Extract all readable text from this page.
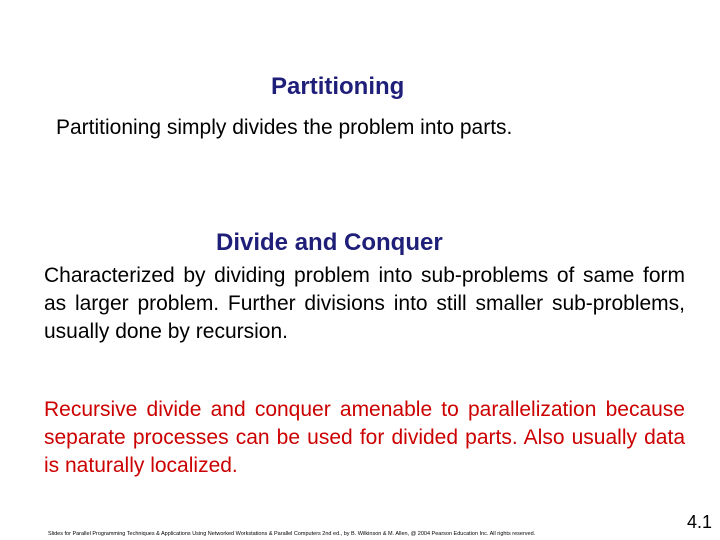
Partitioning
Partitioning simply divides the problem into parts.
Divide and Conquer
Characterized by dividing problem into sub-problems of same form as larger problem. Further divisions into still smaller sub-problems, usually done by recursion.
Recursive divide and conquer amenable to parallelization because separate processes can be used for divided parts. Also usually data is naturally localized.
Slides for Parallel Programming Techniques & Applications Using Networked Workstations & Parallel Computers 2nd ed., by B. Wilkinson & M. Allen, @ 2004 Pearson Education Inc. All rights reserved.
4.1
